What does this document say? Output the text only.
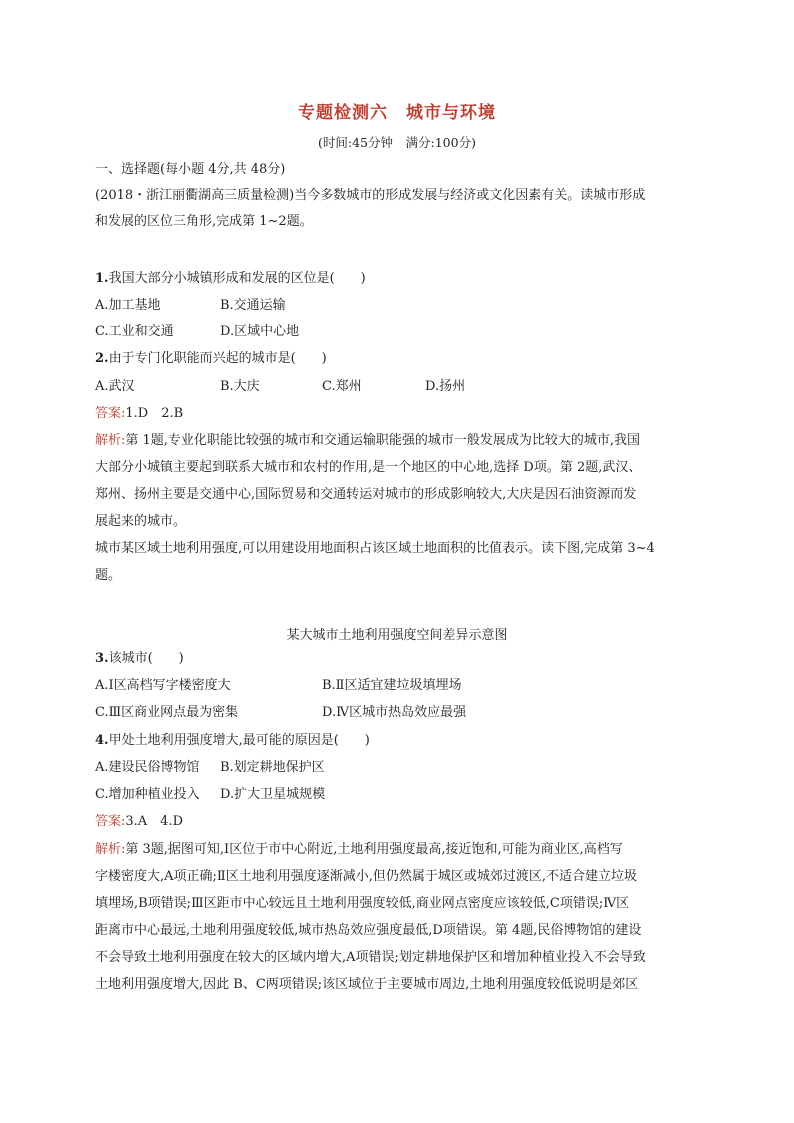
专题检测六　城市与环境
(时间:45分钟　满分:100分)
一、选择题(每小题 4分,共 48分)
(2018・浙江丽衢湖高三质量检测)当今多数城市的形成发展与经济或文化因素有关。读城市形成
和发展的区位三角形,完成第 1~2题。
1.我国大部分小城镇形成和发展的区位是(　　)
A.加工基地	B.交通运输
C.工业和交通	D.区域中心地
2.由于专门化职能而兴起的城市是(　　)
A.武汉	B.大庆	C.郑州	D.扬州
答案:1.D　2.B
解析:第 1题,专业化职能比较强的城市和交通运输职能强的城市一般发展成为比较大的城市,我国
大部分小城镇主要起到联系大城市和农村的作用,是一个地区的中心地,选择 D项。第 2题,武汉、
郑州、扬州主要是交通中心,国际贸易和交通转运对城市的形成影响较大,大庆是因石油资源而发
展起来的城市。
城市某区域土地利用强度,可以用建设用地面积占该区域土地面积的比值表示。读下图,完成第 3~4
题。
某大城市土地利用强度空间差异示意图
3.该城市(　　)
A.Ⅰ区高档写字楼密度大	B.Ⅱ区适宜建垃圾填埋场
C.Ⅲ区商业网点最为密集	D.Ⅳ区城市热岛效应最强
4.甲处土地利用强度增大,最可能的原因是(　　)
A.建设民俗博物馆 B.划定耕地保护区
C.增加种植业投入 D.扩大卫星城规模
答案:3.A　4.D
解析:第 3题,据图可知,Ⅰ区位于市中心附近,土地利用强度最高,接近饱和,可能为商业区,高档写
字楼密度大,A项正确;Ⅱ区土地利用强度逐渐减小,但仍然属于城区或城郊过渡区,不适合建立垃圾
填埋场,B项错误;Ⅲ区距市中心较远且土地利用强度较低,商业网点密度应该较低,C项错误;Ⅳ区
距离市中心最远,土地利用强度较低,城市热岛效应强度最低,D项错误。第 4题,民俗博物馆的建设
不会导致土地利用强度在较大的区域内增大,A项错误;划定耕地保护区和增加种植业投入不会导致
土地利用强度增大,因此 B、C两项错误;该区域位于主要城市周边,土地利用强度较低说明是郊区
